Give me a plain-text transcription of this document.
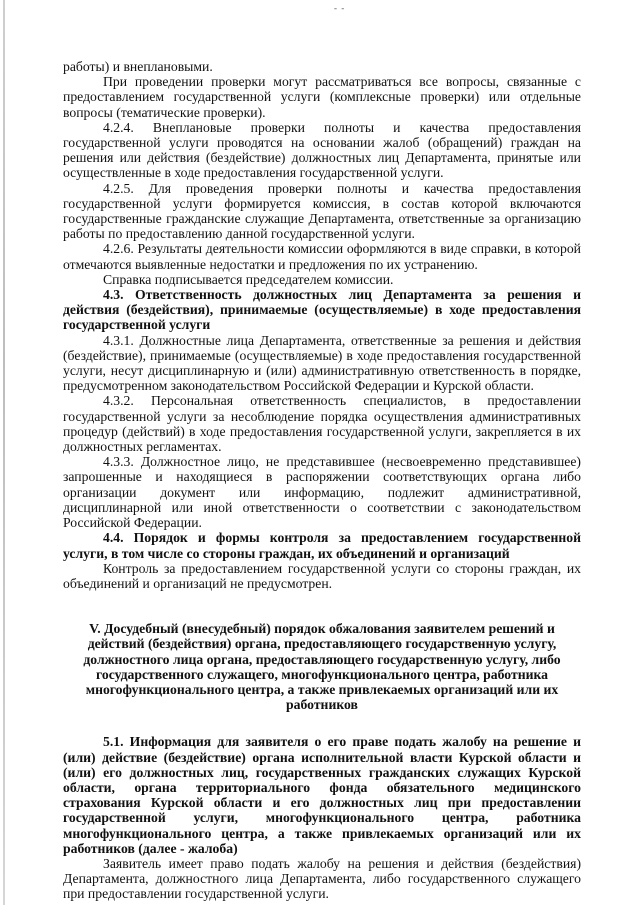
- -

работы) и внеплановыми.

При проведении проверки могут рассматриваться все вопросы, связанные с предоставлением государственной услуги (комплексные проверки) или отдельные вопросы (тематические проверки).

4.2.4. Внеплановые проверки полноты и качества предоставления государственной услуги проводятся на основании жалоб (обращений) граждан на решения или действия (бездействие) должностных лиц Департамента, принятые или осуществленные в ходе предоставления государственной услуги.

4.2.5. Для проведения проверки полноты и качества предоставления государственной услуги формируется комиссия, в состав которой включаются государственные гражданские служащие Департамента, ответственные за организацию работы по предоставлению данной государственной услуги.

4.2.6. Результаты деятельности комиссии оформляются в виде справки, в которой отмечаются выявленные недостатки и предложения по их устранению.

Справка подписывается председателем комиссии.

4.3. Ответственность должностных лиц Департамента за решения и действия (бездействия), принимаемые (осуществляемые) в ходе предоставления государственной услуги

4.3.1. Должностные лица Департамента, ответственные за решения и действия (бездействие), принимаемые (осуществляемые) в ходе предоставления государственной услуги, несут дисциплинарную и (или) административную ответственность в порядке, предусмотренном законодательством Российской Федерации и Курской области.

4.3.2. Персональная ответственность специалистов, в предоставлении государственной услуги за несоблюдение порядка осуществления административных процедур (действий) в ходе предоставления государственной услуги, закрепляется в их должностных регламентах.

4.3.3. Должностное лицо, не представившее (несвоевременно представившее) запрошенные и находящиеся в распоряжении соответствующих органа либо организации документ или информацию, подлежит административной, дисциплинарной или иной ответственности о соответствии с законодательством Российской Федерации.

4.4. Порядок и формы контроля за предоставлением государственной услуги, в том числе со стороны граждан, их объединений и организаций

Контроль за предоставлением государственной услуги со стороны граждан, их объединений и организаций не предусмотрен.

V. Досудебный (внесудебный) порядок обжалования заявителем решений и действий (бездействия) органа, предоставляющего государственную услугу, должностного лица органа, предоставляющего государственную услугу, либо государственного служащего, многофункционального центра, работника многофункционального центра, а также привлекаемых организаций или их работников

5.1. Информация для заявителя о его праве подать жалобу на решение и (или) действие (бездействие) органа исполнительной власти Курской области и (или) его должностных лиц, государственных гражданских служащих Курской области, органа территориального фонда обязательного медицинского страхования Курской области и его должностных лиц при предоставлении государственной услуги, многофункционального центра, работника многофункционального центра, а также привлекаемых организаций или их работников (далее - жалоба)

Заявитель имеет право подать жалобу на решения и действия (бездействия) Департамента, должностного лица Департамента, либо государственного служащего при предоставлении государственной услуги.
